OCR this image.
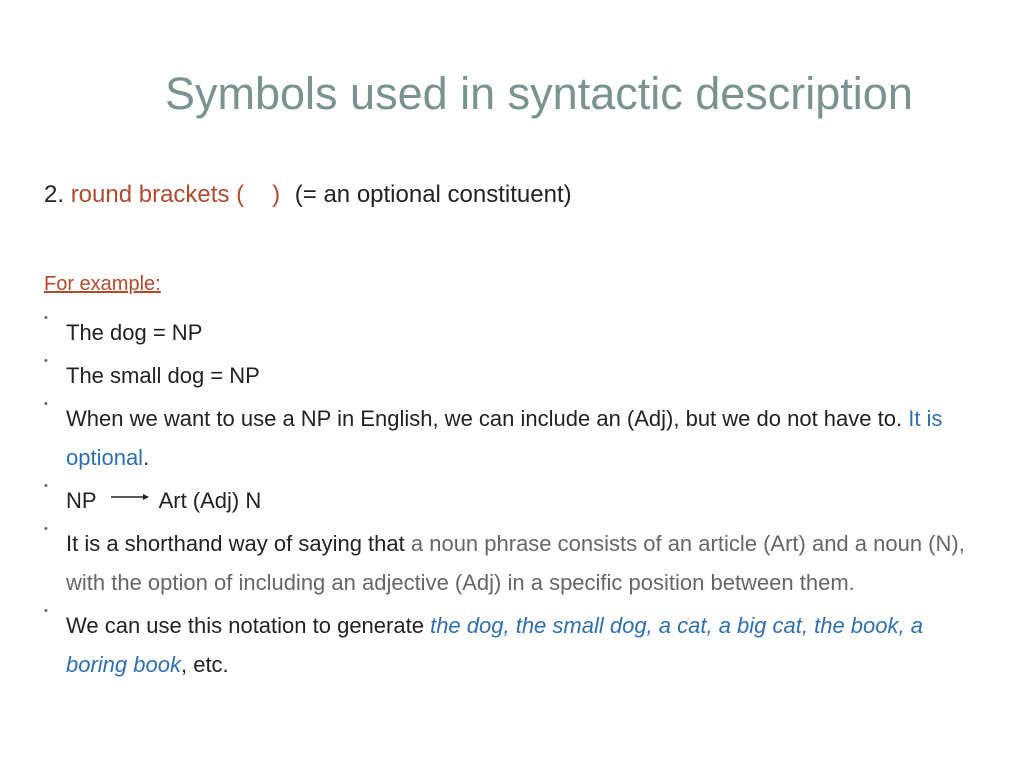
Symbols used in syntactic description
2. round brackets ( ) (= an optional constituent)
For example:
•
The dog = NP
•
The small dog = NP
•
When we want to use a NP in English, we can include an (Adj), but we do not have to. It is optional.
•
NP	Art (Adj) N
•
It is a shorthand way of saying that a noun phrase consists of an article (Art) and a noun (N), with the option of including an adjective (Adj) in a specific position between them.
•
We can use this notation to generate the dog, the small dog, a cat, a big cat, the book, a boring book, etc.
